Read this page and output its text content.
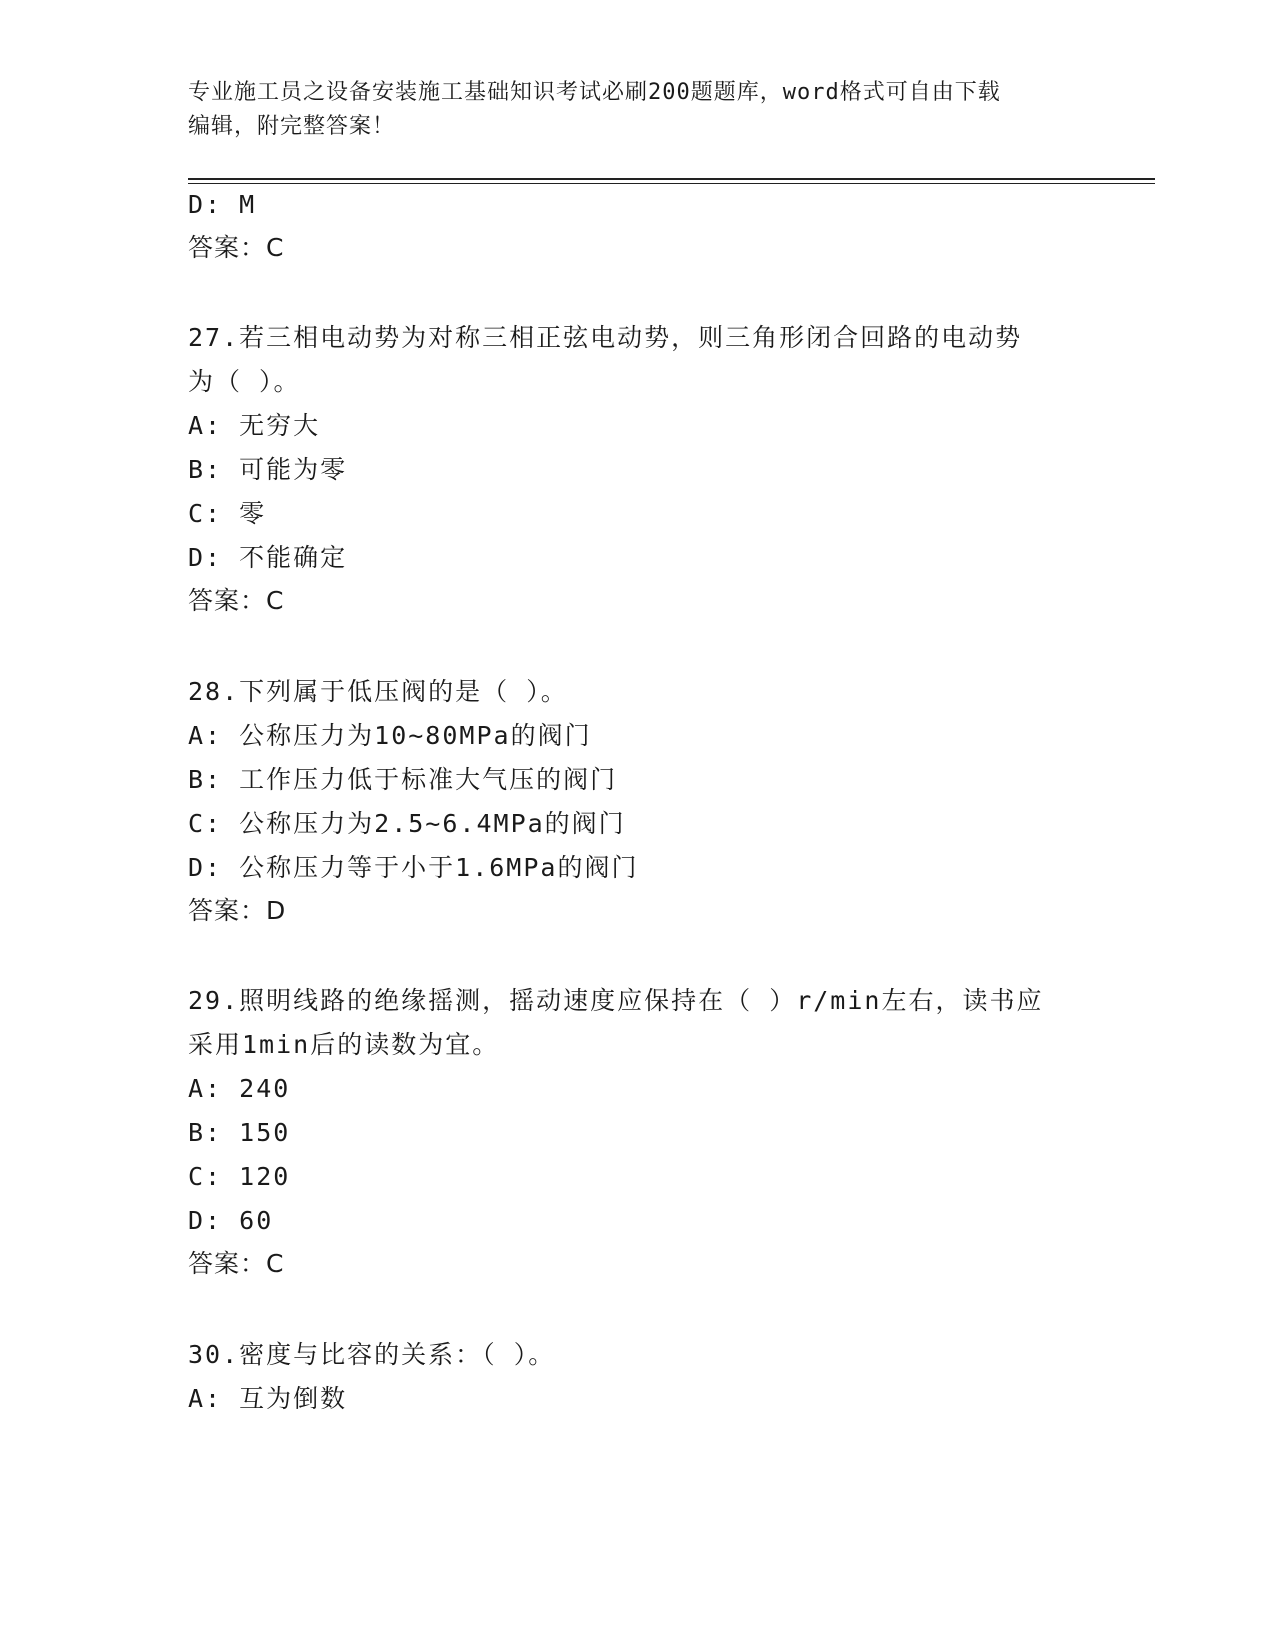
专业施工员之设备安装施工基础知识考试必刷200题题库，word格式可自由下载
编辑，附完整答案！
D: M
答案：C
27.若三相电动势为对称三相正弦电动势，则三角形闭合回路的电动势
为（ ）。
A: 无穷大
B: 可能为零
C: 零
D: 不能确定
答案：C
28.下列属于低压阀的是（ ）。
A: 公称压力为10~80MPa的阀门
B: 工作压力低于标准大气压的阀门
C: 公称压力为2.5~6.4MPa的阀门
D: 公称压力等于小于1.6MPa的阀门
答案：D
29.照明线路的绝缘摇测，摇动速度应保持在（ ）r/min左右，读书应
采用1min后的读数为宜。
A: 240
B: 150
C: 120
D: 60
答案：C
30.密度与比容的关系：（ ）。
A: 互为倒数
